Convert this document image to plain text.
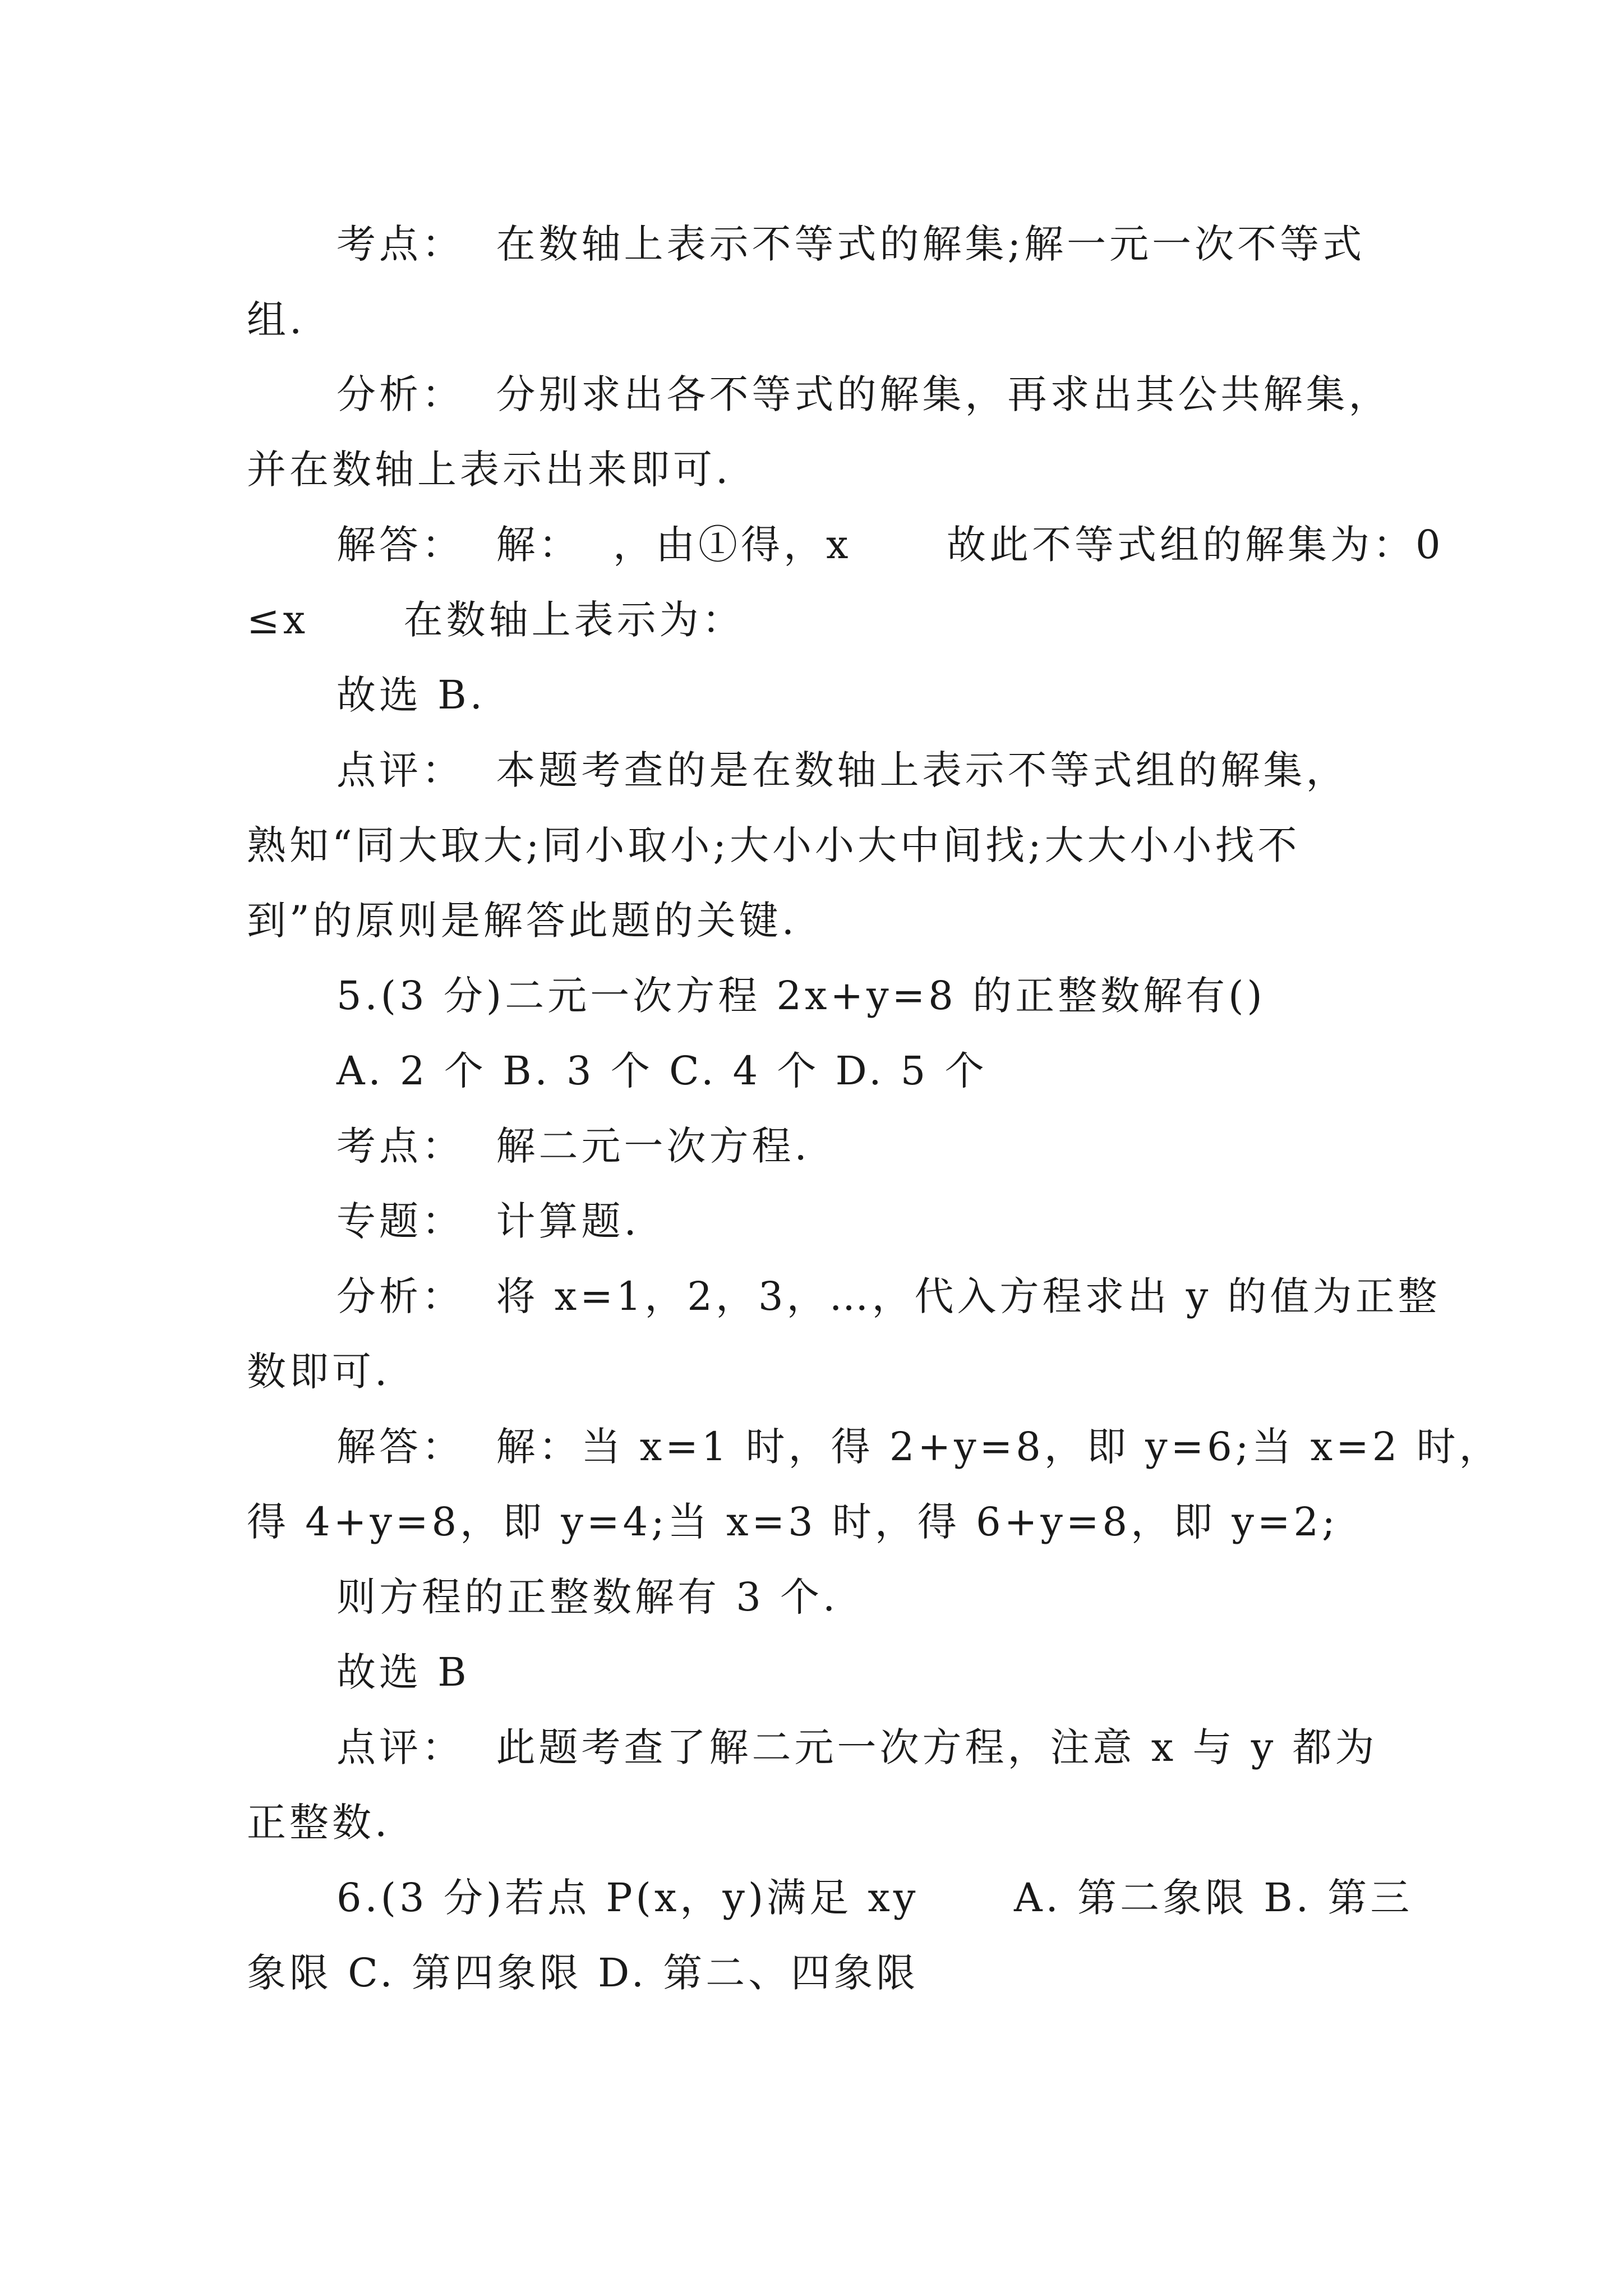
考点：  在数轴上表示不等式的解集;解一元一次不等式
组.
分析：  分别求出各不等式的解集，再求出其公共解集，
并在数轴上表示出来即可.
解答：  解：  ，由①得，x      故此不等式组的解集为：0
≤x      在数轴上表示为：
故选 B.
点评：  本题考查的是在数轴上表示不等式组的解集，
熟知“同大取大;同小取小;大小小大中间找;大大小小找不
到”的原则是解答此题的关键.
5.(3 分)二元一次方程 2x+y=8 的正整数解有()
A. 2 个 B. 3 个 C. 4 个 D. 5 个
考点：  解二元一次方程.
专题：  计算题.
分析：  将 x=1，2，3，…，代入方程求出 y 的值为正整
数即可.
解答：  解：当 x=1 时，得 2+y=8，即 y=6;当 x=2 时，
得 4+y=8，即 y=4;当 x=3 时，得 6+y=8，即 y=2;
则方程的正整数解有 3 个.
故选 B
点评：  此题考查了解二元一次方程，注意 x 与 y 都为
正整数.
6.(3 分)若点 P(x，y)满足 xy      A. 第二象限 B. 第三
象限 C. 第四象限 D. 第二、四象限
